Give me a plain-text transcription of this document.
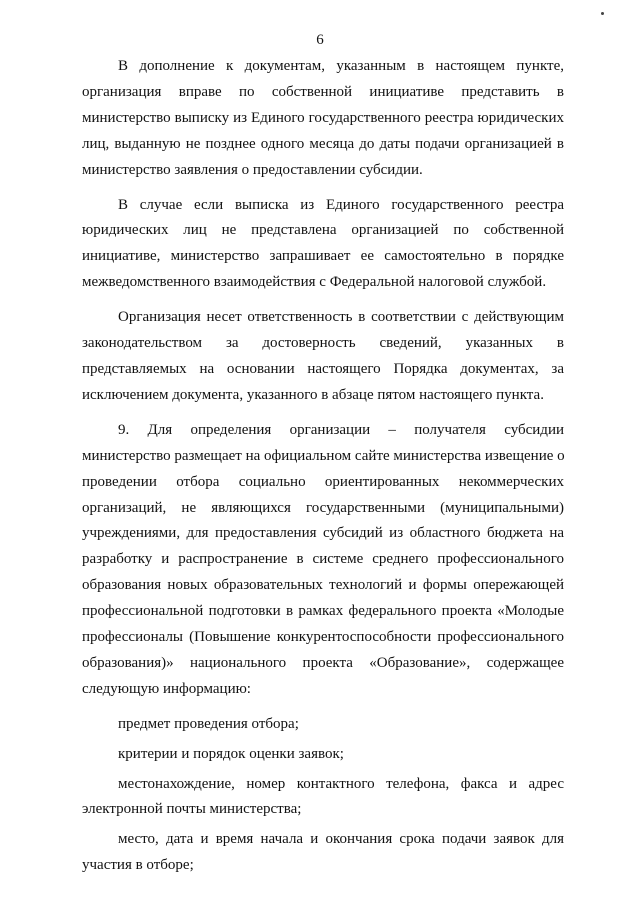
6
В дополнение к документам, указанным в настоящем пункте,
организация вправе по собственной инициативе представить в
министерство выписку из Единого государственного реестра юридических
лиц, выданную не позднее одного месяца до даты подачи организацией в
министерство заявления о предоставлении субсидии.
В случае если выписка из Единого государственного реестра
юридических лиц не представлена организацией по собственной
инициативе, министерство запрашивает ее самостоятельно в порядке
межведомственного взаимодействия с Федеральной налоговой службой.
Организация несет ответственность в соответствии с действующим
законодательством за достоверность сведений, указанных в
представляемых на основании настоящего Порядка документах, за
исключением документа, указанного в абзаце пятом настоящего пункта.
9. Для определения организации – получателя субсидии
министерство размещает на официальном сайте министерства извещение о
проведении отбора социально ориентированных некоммерческих
организаций, не являющихся государственными (муниципальными)
учреждениями, для предоставления субсидий из областного бюджета на
разработку и распространение в системе среднего профессионального
образования новых образовательных технологий и формы опережающей
профессиональной подготовки в рамках федерального проекта «Молодые
профессионалы (Повышение конкурентоспособности профессионального
образования)» национального проекта «Образование», содержащее
следующую информацию:
предмет проведения отбора;
критерии и порядок оценки заявок;
местонахождение, номер контактного телефона, факса и адрес
электронной почты министерства;
место, дата и время начала и окончания срока подачи заявок для
участия в отборе;
